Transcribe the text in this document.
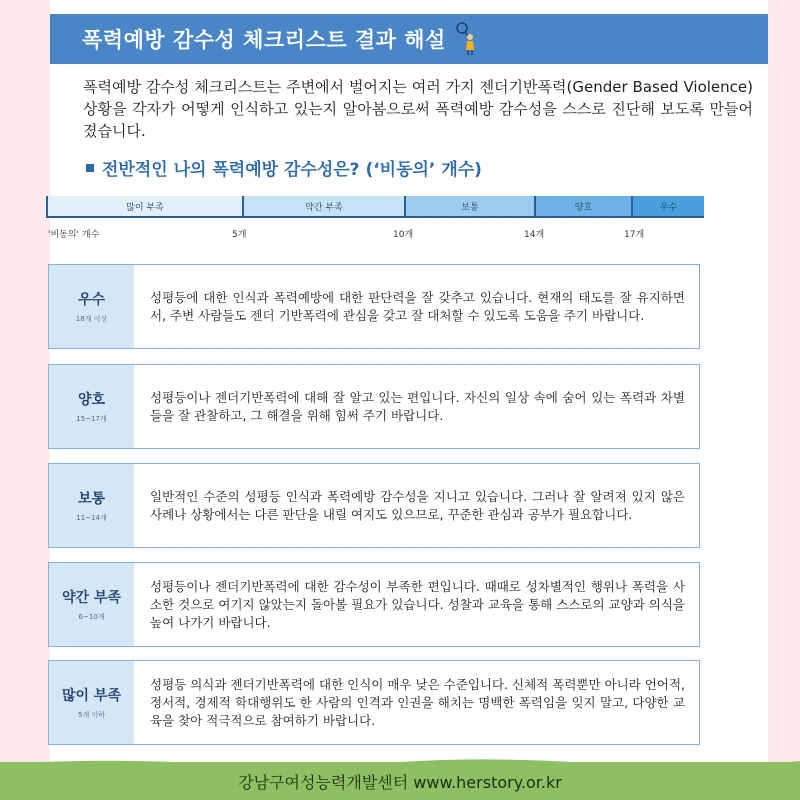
폭력예방 감수성 체크리스트 결과 해설

폭력예방 감수성 체크리스트는 주변에서 벌어지는 여러 가지 젠더기반폭력(Gender Based Violence) 상황을 각자가 어떻게 인식하고 있는지 알아봄으로써 폭력예방 감수성을 스스로 진단해 보도록 만들어졌습니다.

전반적인 나의 폭력예방 감수성은? (‘비동의’ 개수)
많이 부족	약간 부족	보통	양호	우수
'비동의' 개수	5개	10개	14개	17개
우수
18개 이상
성평등에 대한 인식과 폭력예방에 대한 판단력을 잘 갖추고 있습니다. 현재의 태도를 잘 유지하면서, 주변 사람들도 젠더 기반폭력에 관심을 갖고 잘 대처할 수 있도록 도움을 주기 바랍니다.
양호
15~17개
성평등이나 젠더기반폭력에 대해 잘 알고 있는 편입니다. 자신의 일상 속에 숨어 있는 폭력과 차별들을 잘 관찰하고, 그 해결을 위해 힘써 주기 바랍니다.
보통
11~14개
일반적인 수준의 성평등 인식과 폭력예방 감수성을 지니고 있습니다. 그러나 잘 알려져 있지 않은 사례나 상황에서는 다른 판단을 내릴 여지도 있으므로, 꾸준한 관심과 공부가 필요합니다.
약간 부족
6~10개
성평등이나 젠더기반폭력에 대한 감수성이 부족한 편입니다. 때때로 성차별적인 행위나 폭력을 사소한 것으로 여기지 않았는지 돌아볼 필요가 있습니다. 성찰과 교육을 통해 스스로의 교양과 의식을 높여 나가기 바랍니다.
많이 부족
5개 이하
성평등 의식과 젠더기반폭력에 대한 인식이 매우 낮은 수준입니다. 신체적 폭력뿐만 아니라 언어적, 정서적, 경제적 학대행위도 한 사람의 인격과 인권을 해치는 명백한 폭력임을 잊지 말고, 다양한 교육을 찾아 적극적으로 참여하기 바랍니다.
강남구여성능력개발센터 www.herstory.or.kr
